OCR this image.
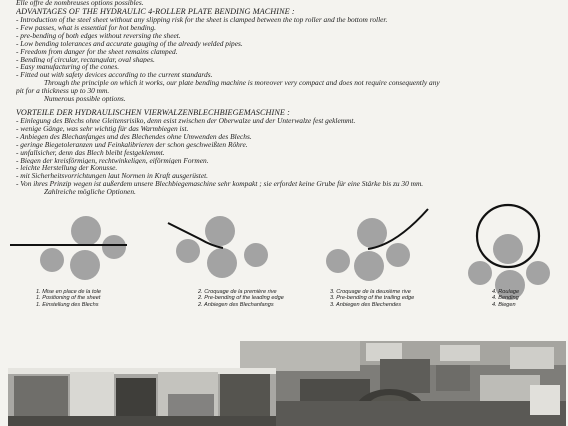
Elle offre de nombreuses options possibles.
ADVANTAGES OF THE HYDRAULIC 4-ROLLER PLATE BENDING MACHINE :
- Introduction of the steel sheet without any slipping risk for the sheet is clamped between the top roller and the bottom roller.
- Few passes, what is essential for hot bending.
- pre-bending of both edges without reversing the sheet.
- Low bending tolerances and accurate gauging of the already welded pipes.
- Freedom from danger for the sheet remains clamped.
- Bending of circular, rectangular, oval shapes.
- Easy manufacturing of the cones.
- Fitted out with safety devices according to the current standards.
Through the principle on which it works, our plate bending machine is moreover very compact and does not require consequently any
pit for a thickness up to 30 mm.
Numerous possible options.
VORTEILE DER HYDRAULISCHEN VIERWALZENBLECHBIEGEMASCHINE :
- Einlegung des Blechs ohne Gleitensrisiko, denn esist zwischen der Oberwalze und der Unterwalze fest geklemmt.
- wenige Gänge, was sehr wichtig für das Warmbiegen ist.
- Anbiegen des Blechanfanges und des Blechendes ohne Umwenden des Blechs.
- geringe Biegetoleranzen und Feinkalibrieren der schon geschweißten Röhre.
- unfallsicher, denn das Blech bleibt festgeklemmt.
- Biegen der kreisförmigen, rechtwinkeligen, eiförmigen Formen.
- leichte Herstellung der Konusse.
- mit Sicherheitsvorrichtungen laut Normen in Kraft ausgerüstet.
- Von ihres Prinzip wegen ist außerdem unsere Blechbiegemaschine sehr kompakt ; sie erfordet keine Grube für eine Stärke bis zu 30 mm.
Zahlreiche mögliche Optionen.
1. Mise en place de la tole
1. Positioning of the sheet
1. Einstellung des Blechs
2. Croquage de la première rive
2. Pre-bending of the leading edge
2. Anbiegen des Blechanfangs
3. Croquage de la deuxième rive
3. Pre-bending of the trailing edge
3. Anbiegen des Blechendes
4. Roulage
4. Bending
4. Biegen
